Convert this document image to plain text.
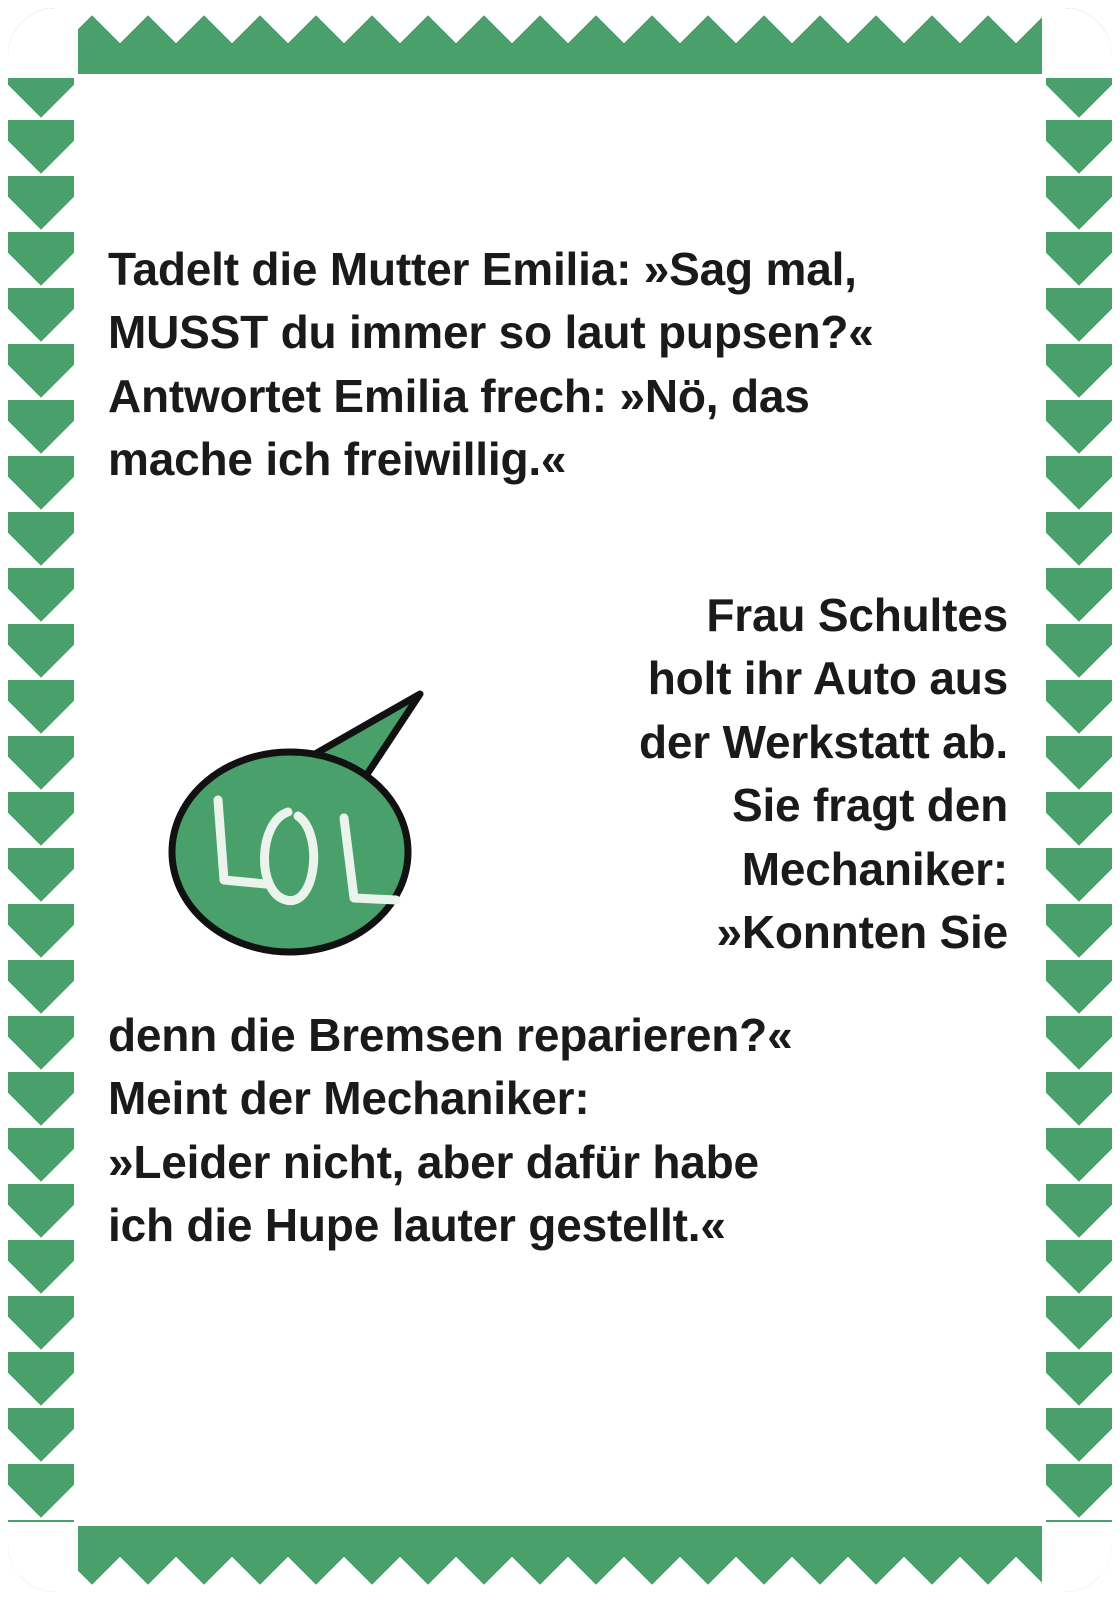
Tadelt die Mutter Emilia: »Sag mal,
MUSST du immer so laut pupsen?«
Antwortet Emilia frech: »Nö, das
mache ich freiwillig.«
Frau Schultes
holt ihr Auto aus
der Werkstatt ab.
Sie fragt den
Mechaniker:
»Konnten Sie
denn die Bremsen reparieren?«
Meint der Mechaniker:
»Leider nicht, aber dafür habe
ich die Hupe lauter gestellt.«
